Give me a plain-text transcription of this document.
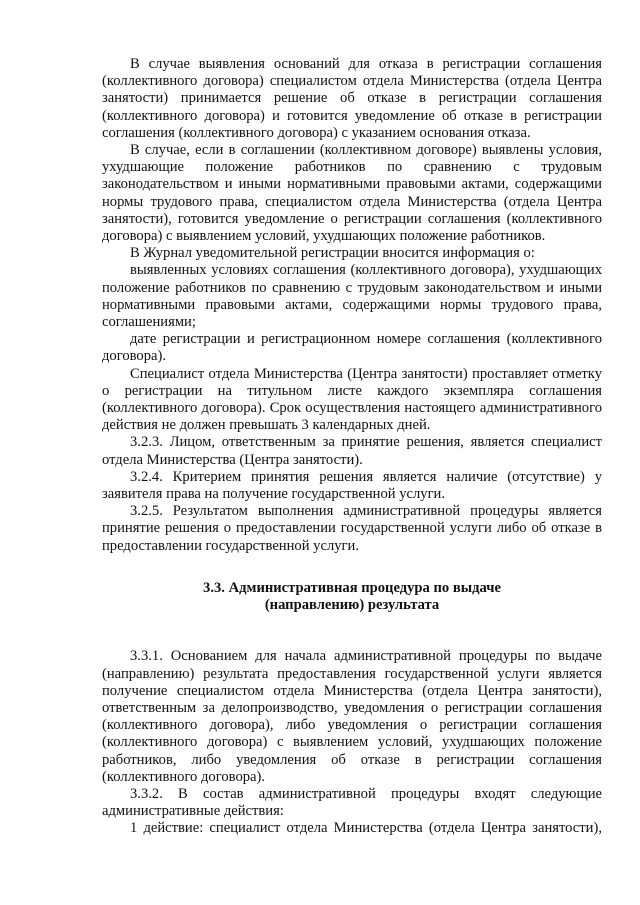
В случае выявления оснований для отказа в регистрации соглашения (коллективного договора) специалистом отдела Министерства (отдела Центра занятости) принимается решение об отказе в регистрации соглашения (коллективного договора) и готовится уведомление об отказе в регистрации соглашения (коллективного договора) с указанием основания отказа.

В случае, если в соглашении (коллективном договоре) выявлены условия, ухудшающие положение работников по сравнению с трудовым законодательством и иными нормативными правовыми актами, содержащими нормы трудового права, специалистом отдела Министерства (отдела Центра занятости), готовится уведомление о регистрации соглашения (коллективного договора) с выявлением условий, ухудшающих положение работников.

В Журнал уведомительной регистрации вносится информация о:

выявленных условиях соглашения (коллективного договора), ухудшающих положение работников по сравнению с трудовым законодательством и иными нормативными правовыми актами, содержащими нормы трудового права, соглашениями;

дате регистрации и регистрационном номере соглашения (коллективного договора).

Специалист отдела Министерства (Центра занятости) проставляет отметку о регистрации на титульном листе каждого экземпляра соглашения (коллективного договора). Срок осуществления настоящего административного действия не должен превышать 3 календарных дней.

3.2.3. Лицом, ответственным за принятие решения, является специалист отдела Министерства (Центра занятости).

3.2.4. Критерием принятия решения является наличие (отсутствие) у заявителя права на получение государственной услуги.

3.2.5. Результатом выполнения административной процедуры является принятие решения о предоставлении государственной услуги либо об отказе в предоставлении государственной услуги.

3.3. Административная процедура по выдаче
(направлению) результата

3.3.1. Основанием для начала административной процедуры по выдаче (направлению) результата предоставления государственной услуги является получение специалистом отдела Министерства (отдела Центра занятости), ответственным за делопроизводство, уведомления о регистрации соглашения (коллективного договора), либо уведомления о регистрации соглашения (коллективного договора) с выявлением условий, ухудшающих положение работников, либо уведомления об отказе в регистрации соглашения (коллективного договора).

3.3.2. В состав административной процедуры входят следующие административные действия:

1 действие: специалист отдела Министерства (отдела Центра занятости),
